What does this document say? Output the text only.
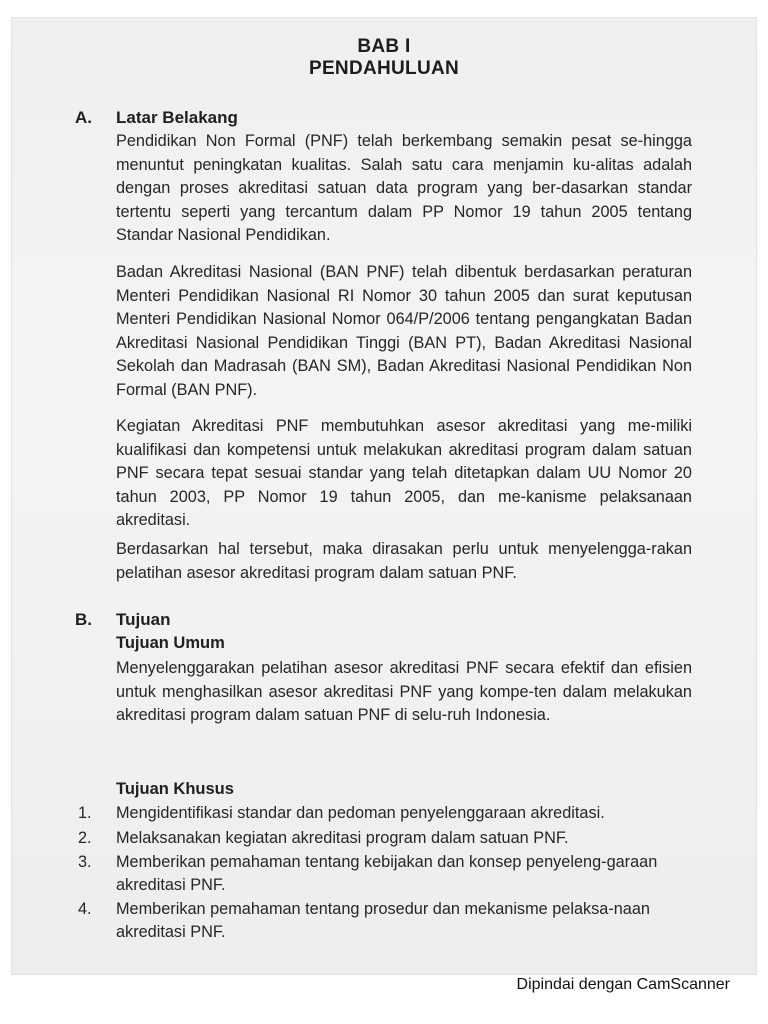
BAB I
PENDAHULUAN
A. Latar Belakang
Pendidikan Non Formal (PNF) telah berkembang semakin pesat se-hingga menuntut peningkatan kualitas. Salah satu cara menjamin ku-alitas adalah dengan proses akreditasi satuan data program yang ber-dasarkan standar tertentu seperti yang tercantum dalam PP Nomor 19 tahun 2005 tentang Standar Nasional Pendidikan.
Badan Akreditasi Nasional (BAN PNF) telah dibentuk berdasarkan peraturan Menteri Pendidikan Nasional RI Nomor 30 tahun 2005 dan surat keputusan Menteri Pendidikan Nasional Nomor 064/P/2006 tentang pengangkatan Badan Akreditasi Nasional Pendidikan Tinggi (BAN PT), Badan Akreditasi Nasional Sekolah dan Madrasah (BAN SM), Badan Akreditasi Nasional Pendidikan Non Formal (BAN PNF).
Kegiatan Akreditasi PNF membutuhkan asesor akreditasi yang me-miliki kualifikasi dan kompetensi untuk melakukan akreditasi program dalam satuan PNF secara tepat sesuai standar yang telah ditetapkan dalam UU Nomor 20 tahun 2003, PP Nomor 19 tahun 2005, dan me-kanisme pelaksanaan akreditasi.
Berdasarkan hal tersebut, maka dirasakan perlu untuk menyelengga-rakan pelatihan asesor akreditasi program dalam satuan PNF.
B. Tujuan
Tujuan Umum
Menyelenggarakan pelatihan asesor akreditasi PNF secara efektif dan efisien untuk menghasilkan asesor akreditasi PNF yang kompe-ten dalam melakukan akreditasi program dalam satuan PNF di selu-ruh Indonesia.
Tujuan Khusus
1. Mengidentifikasi standar dan pedoman penyelenggaraan akreditasi.
2. Melaksanakan kegiatan akreditasi program dalam satuan PNF.
3. Memberikan pemahaman tentang kebijakan dan konsep penyeleng-garaan akreditasi PNF.
4. Memberikan pemahaman tentang prosedur dan mekanisme pelaksa-naan akreditasi PNF.
Dipindai dengan CamScanner
